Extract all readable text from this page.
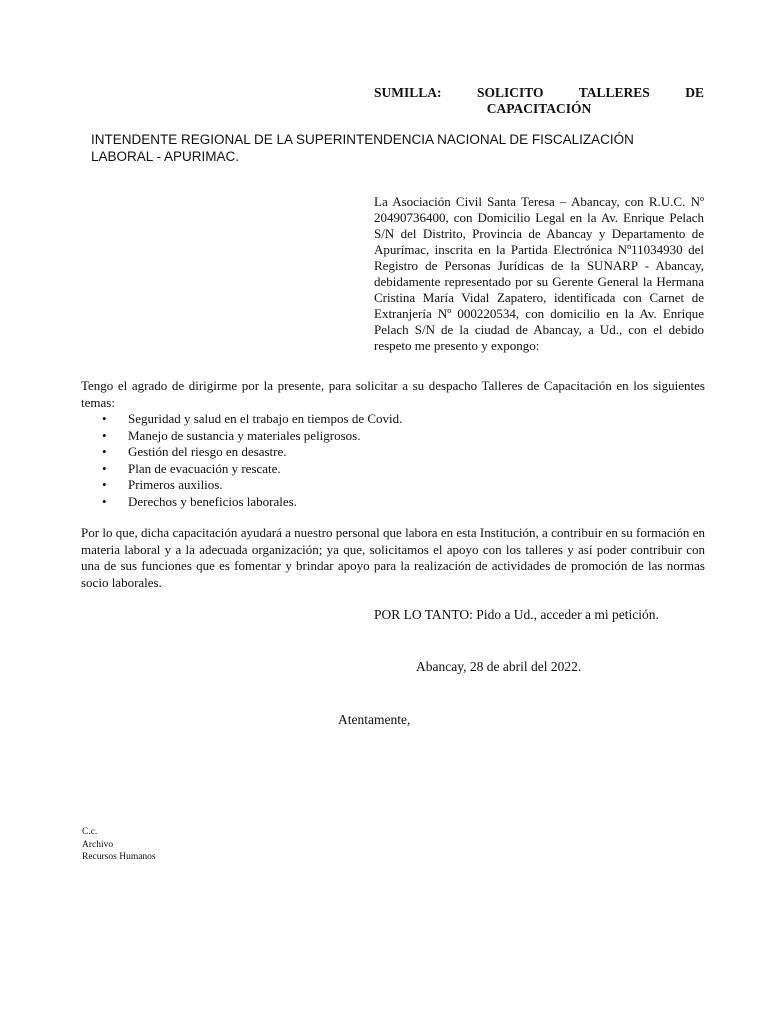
SUMILLA: SOLICITO TALLERES DE
CAPACITACIÓN
INTENDENTE REGIONAL DE LA SUPERINTENDENCIA NACIONAL DE FISCALIZACIÓN
LABORAL - APURIMAC.

La Asociación Civil Santa Teresa – Abancay, con R.U.C. Nº 20490736400, con Domicilio Legal en la Av. Enrique Pelach S/N del Distrito, Provincia de Abancay y Departamento de Apurímac, inscrita en la Partida Electrónica Nº11034930 del Registro de Personas Jurídicas de la SUNARP - Abancay, debidamente representado por su Gerente General la Hermana Cristina María Vidal Zapatero, identificada con Carnet de Extranjería Nº 000220534, con domicilio en la Av. Enrique Pelach S/N de la ciudad de Abancay, a Ud., con el debido respeto me presento y expongo:

Tengo el agrado de dirigirme por la presente, para solicitar a su despacho Talleres de Capacitación en los siguientes temas:

• Seguridad y salud en el trabajo en tiempos de Covid.
• Manejo de sustancia y materiales peligrosos.
• Gestión del riesgo en desastre.
• Plan de evacuación y rescate.
• Primeros auxilios.
• Derechos y beneficios laborales.

Por lo que, dicha capacitación ayudará a nuestro personal que labora en esta Institución, a contribuir en su formación en materia laboral y a la adecuada organización; ya que, solicitamos el apoyo con los talleres y así poder contribuir con una de sus funciones que es fomentar y brindar apoyo para la realización de actividades de promoción de las normas socio laborales.

POR LO TANTO: Pido a Ud., acceder a mi petición.
Abancay, 28 de abril del 2022.
Atentamente,
C.c.
Archivo
Recursos Humanos
